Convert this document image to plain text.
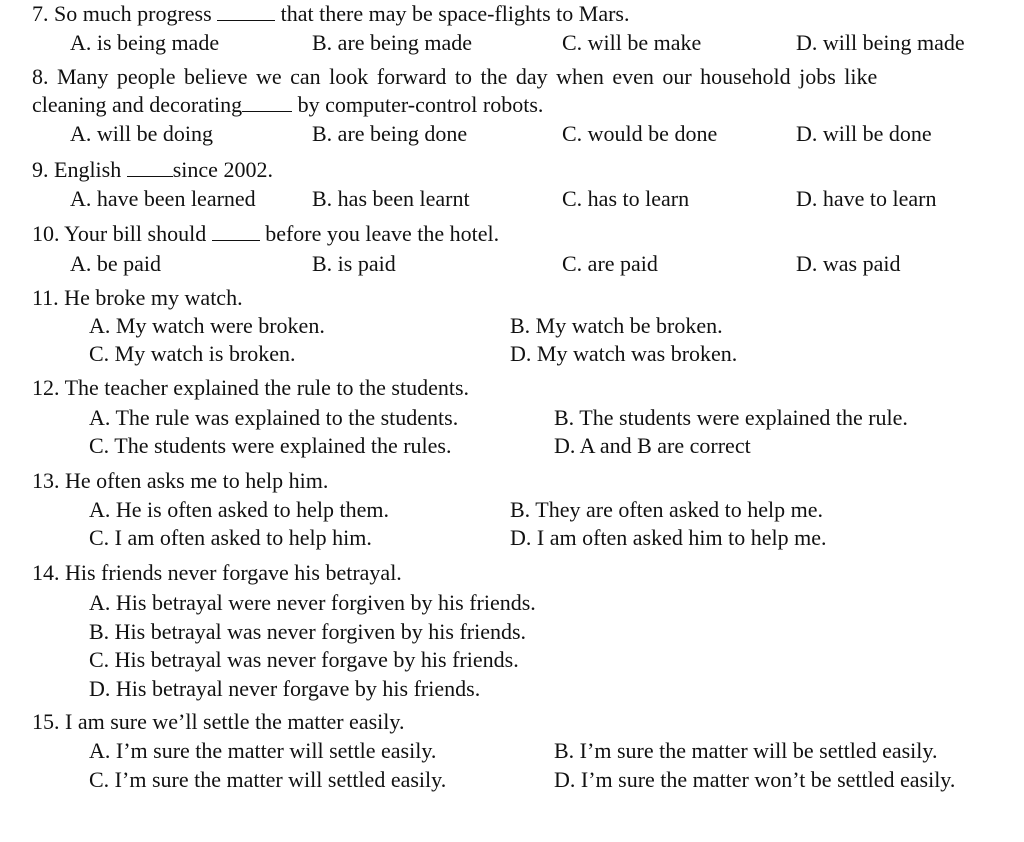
7. So much progress	that there may be space-flights to Mars.
A. is being made	B. are being made	C. will be make	D. will being made
8. Many people believe we can look forward to the day when even our household jobs like
cleaning and decorating	by computer-control robots.
A. will be doing	B. are being done	C. would be done	D. will be done
9. English since 2002.
A. have been learned	B. has been learnt	C. has to learn	D. have to learn
10. Your bill should	before you leave the hotel.
A. be paid	B. is paid	C. are paid	D. was paid
11. He broke my watch.
A. My watch were broken.	B. My watch be broken.
C. My watch is broken.	D. My watch was broken.
12. The teacher explained the rule to the students.
A. The rule was explained to the students.	B. The students were explained the rule.
C. The students were explained the rules.	D. A and B are correct
13. He often asks me to help him.
A. He is often asked to help them.	B. They are often asked to help me.
C. I am often asked to help him.	D. I am often asked him to help me.
14. His friends never forgave his betrayal.
A. His betrayal were never forgiven by his friends.
B. His betrayal was never forgiven by his friends.
C. His betrayal was never forgave by his friends.
D. His betrayal never forgave by his friends.
15. I am sure we’ll settle the matter easily.
A. I’m sure the matter will settle easily.	B. I’m sure the matter will be settled easily.
C. I’m sure the matter will settled easily.	D. I’m sure the matter won’t be settled easily.
